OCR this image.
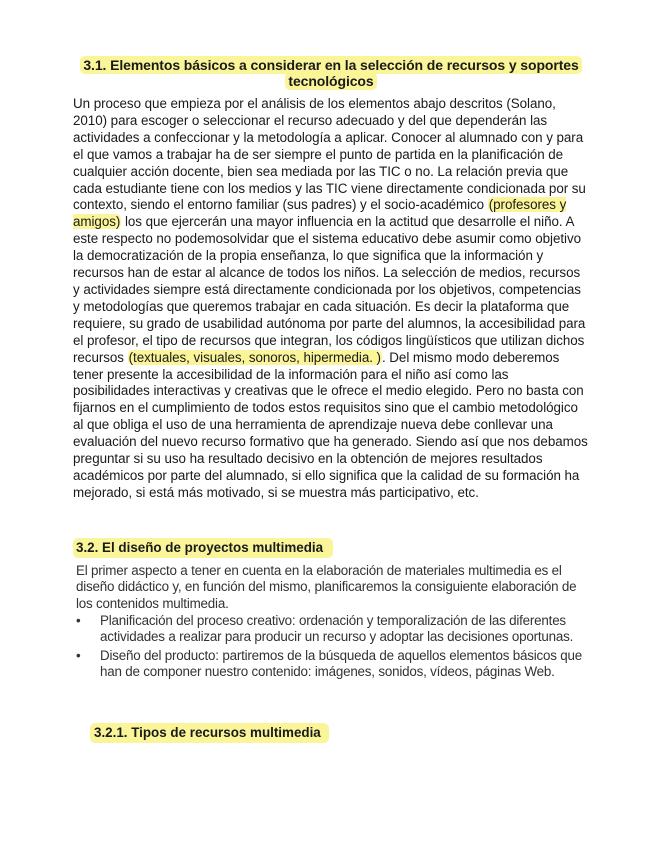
3.1. Elementos básicos a considerar en la selección de recursos y soportes tecnológicos

Un proceso que empieza por el análisis de los elementos abajo descritos (Solano, 2010) para escoger o seleccionar el recurso adecuado y del que dependerán las actividades a confeccionar y la metodología a aplicar. Conocer al alumnado con y para el que vamos a trabajar ha de ser siempre el punto de partida en la planificación de cualquier acción docente, bien sea mediada por las TIC o no. La relación previa que cada estudiante tiene con los medios y las TIC viene directamente condicionada por su contexto, siendo el entorno familiar (sus padres) y el socio-académico (profesores y amigos) los que ejercerán una mayor influencia en la actitud que desarrolle el niño. A este respecto no podemosolvidar que el sistema educativo debe asumir como objetivo la democratización de la propia enseñanza, lo que significa que la información y recursos han de estar al alcance de todos los niños. La selección de medios, recursos y actividades siempre está directamente condicionada por los objetivos, competencias y metodologías que queremos trabajar en cada situación. Es decir la plataforma que requiere, su grado de usabilidad autónoma por parte del alumnos, la accesibilidad para el profesor, el tipo de recursos que integran, los códigos lingüísticos que utilizan dichos recursos (textuales, visuales, sonoros, hipermedia. ). Del mismo modo deberemos tener presente la accesibilidad de la información para el niño así como las posibilidades interactivas y creativas que le ofrece el medio elegido. Pero no basta con fijarnos en el cumplimiento de todos estos requisitos sino que el cambio metodológico al que obliga el uso de una herramienta de aprendizaje nueva debe conllevar una evaluación del nuevo recurso formativo que ha generado. Siendo así que nos debamos preguntar si su uso ha resultado decisivo en la obtención de mejores resultados académicos por parte del alumnado, si ello significa que la calidad de su formación ha mejorado, si está más motivado, si se muestra más participativo, etc.

3.2. El diseño de proyectos multimedia

El primer aspecto a tener en cuenta en la elaboración de materiales multimedia es el diseño didáctico y, en función del mismo, planificaremos la consiguiente elaboración de los contenidos multimedia.

• Planificación del proceso creativo: ordenación y temporalización de las diferentes actividades a realizar para producir un recurso y adoptar las decisiones oportunas.
• Diseño del producto: partiremos de la búsqueda de aquellos elementos básicos que han de componer nuestro contenido: imágenes, sonidos, vídeos, páginas Web.
3.2.1. Tipos de recursos multimedia
